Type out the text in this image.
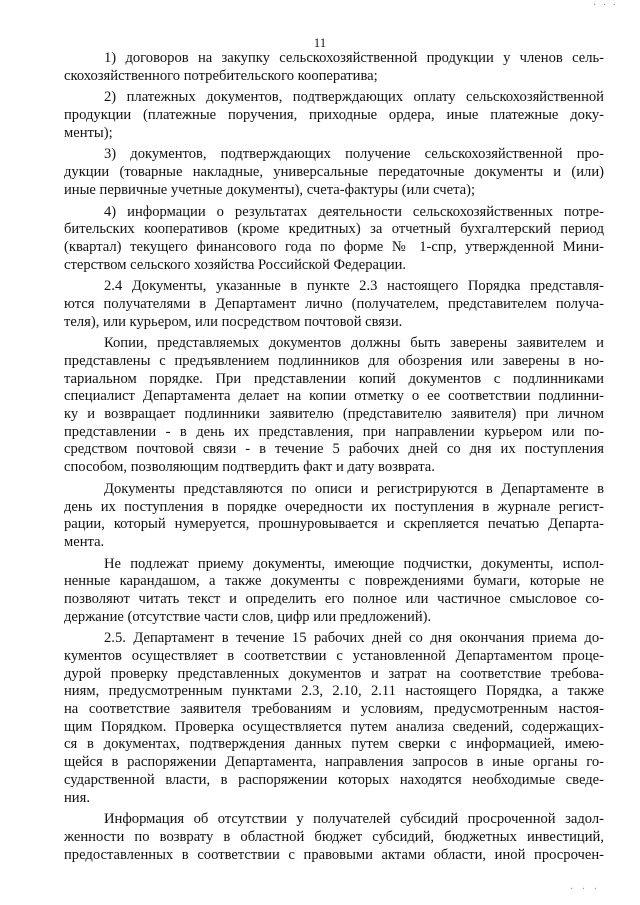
· · ·
11
1) договоров на закупку сельскохозяйственной продукции у членов сель-
скохозяйственного потребительского кооператива;
2) платежных документов, подтверждающих оплату сельскохозяйственной
продукции (платежные поручения, приходные ордера, иные платежные доку-
менты);
3) документов, подтверждающих получение сельскохозяйственной про-
дукции (товарные накладные, универсальные передаточные документы и (или)
иные первичные учетные документы), счета-фактуры (или счета);
4) информации о результатах деятельности сельскохозяйственных потре-
бительских кооперативов (кроме кредитных) за отчетный бухгалтерский период
(квартал) текущего финансового года по форме № 1-спр, утвержденной Мини-
стерством сельского хозяйства Российской Федерации.
2.4 Документы, указанные в пункте 2.3 настоящего Порядка представля-
ются получателями в Департамент лично (получателем, представителем получа-
теля), или курьером, или посредством почтовой связи.
Копии, представляемых документов должны быть заверены заявителем и
представлены с предъявлением подлинников для обозрения или заверены в но-
тариальном порядке. При представлении копий документов с подлинниками
специалист Департамента делает на копии отметку о ее соответствии подлинни-
ку и возвращает подлинники заявителю (представителю заявителя) при личном
представлении - в день их представления, при направлении курьером или по-
средством почтовой связи - в течение 5 рабочих дней со дня их поступления
способом, позволяющим подтвердить факт и дату возврата.
Документы представляются по описи и регистрируются в Департаменте в
день их поступления в порядке очередности их поступления в журнале регист-
рации, который нумеруется, прошнуровывается и скрепляется печатью Департа-
мента.
Не подлежат приему документы, имеющие подчистки, документы, испол-
ненные карандашом, а также документы с повреждениями бумаги, которые не
позволяют читать текст и определить его полное или частичное смысловое со-
держание (отсутствие части слов, цифр или предложений).
2.5. Департамент в течение 15 рабочих дней со дня окончания приема до-
кументов осуществляет в соответствии с установленной Департаментом проце-
дурой проверку представленных документов и затрат на соответствие требова-
ниям, предусмотренным пунктами 2.3, 2.10, 2.11 настоящего Порядка, а также
на соответствие заявителя требованиям и условиям, предусмотренным настоя-
щим Порядком. Проверка осуществляется путем анализа сведений, содержащих-
ся в документах, подтверждения данных путем сверки с информацией, имею-
щейся в распоряжении Департамента, направления запросов в иные органы го-
сударственной власти, в распоряжении которых находятся необходимые сведе-
ния.
Информация об отсутствии у получателей субсидий просроченной задол-
женности по возврату в областной бюджет субсидий, бюджетных инвестиций,
предоставленных в соответствии с правовыми актами области, иной просрочен-
· · ·
